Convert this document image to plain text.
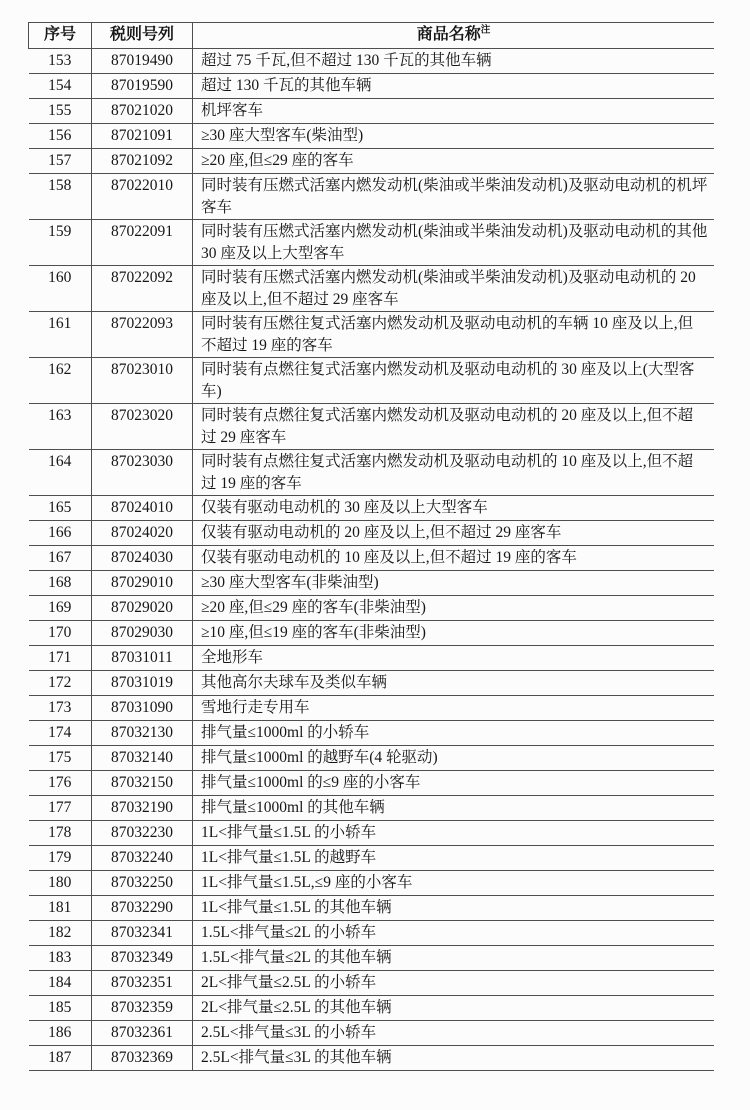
序号	税则号列	商品名称$^注$
153	87019490	超过 75 千瓦,但不超过 130 千瓦的其他车辆
154	87019590	超过 130 千瓦的其他车辆
155	87021020	机坪客车
156	87021091	≥30 座大型客车(柴油型)
157	87021092	≥20 座,但≤29 座的客车
158	87022010	同时装有压燃式活塞内燃发动机(柴油或半柴油发动机)及驱动电动机的机坪客车
159	87022091	同时装有压燃式活塞内燃发动机(柴油或半柴油发动机)及驱动电动机的其他 30 座及以上大型客车
160	87022092	同时装有压燃式活塞内燃发动机(柴油或半柴油发动机)及驱动电动机的 20 座及以上,但不超过 29 座客车
161	87022093	同时装有压燃往复式活塞内燃发动机及驱动电动机的车辆 10 座及以上,但不超过 19 座的客车
162	87023010	同时装有点燃往复式活塞内燃发动机及驱动电动机的 30 座及以上(大型客车)
163	87023020	同时装有点燃往复式活塞内燃发动机及驱动电动机的 20 座及以上,但不超过 29 座客车
164	87023030	同时装有点燃往复式活塞内燃发动机及驱动电动机的 10 座及以上,但不超过 19 座的客车
165	87024010	仅装有驱动电动机的 30 座及以上大型客车
166	87024020	仅装有驱动电动机的 20 座及以上,但不超过 29 座客车
167	87024030	仅装有驱动电动机的 10 座及以上,但不超过 19 座的客车
168	87029010	≥30 座大型客车(非柴油型)
169	87029020	≥20 座,但≤29 座的客车(非柴油型)
170	87029030	≥10 座,但≤19 座的客车(非柴油型)
171	87031011	全地形车
172	87031019	其他高尔夫球车及类似车辆
173	87031090	雪地行走专用车
174	87032130	排气量≤1000ml 的小轿车
175	87032140	排气量≤1000ml 的越野车(4 轮驱动)
176	87032150	排气量≤1000ml 的≤9 座的小客车
177	87032190	排气量≤1000ml 的其他车辆
178	87032230	1L<排气量≤1.5L 的小轿车
179	87032240	1L<排气量≤1.5L 的越野车
180	87032250	1L<排气量≤1.5L,≤9 座的小客车
181	87032290	1L<排气量≤1.5L 的其他车辆
182	87032341	1.5L<排气量≤2L 的小轿车
183	87032349	1.5L<排气量≤2L 的其他车辆
184	87032351	2L<排气量≤2.5L 的小轿车
185	87032359	2L<排气量≤2.5L 的其他车辆
186	87032361	2.5L<排气量≤3L 的小轿车
187	87032369	2.5L<排气量≤3L 的其他车辆
